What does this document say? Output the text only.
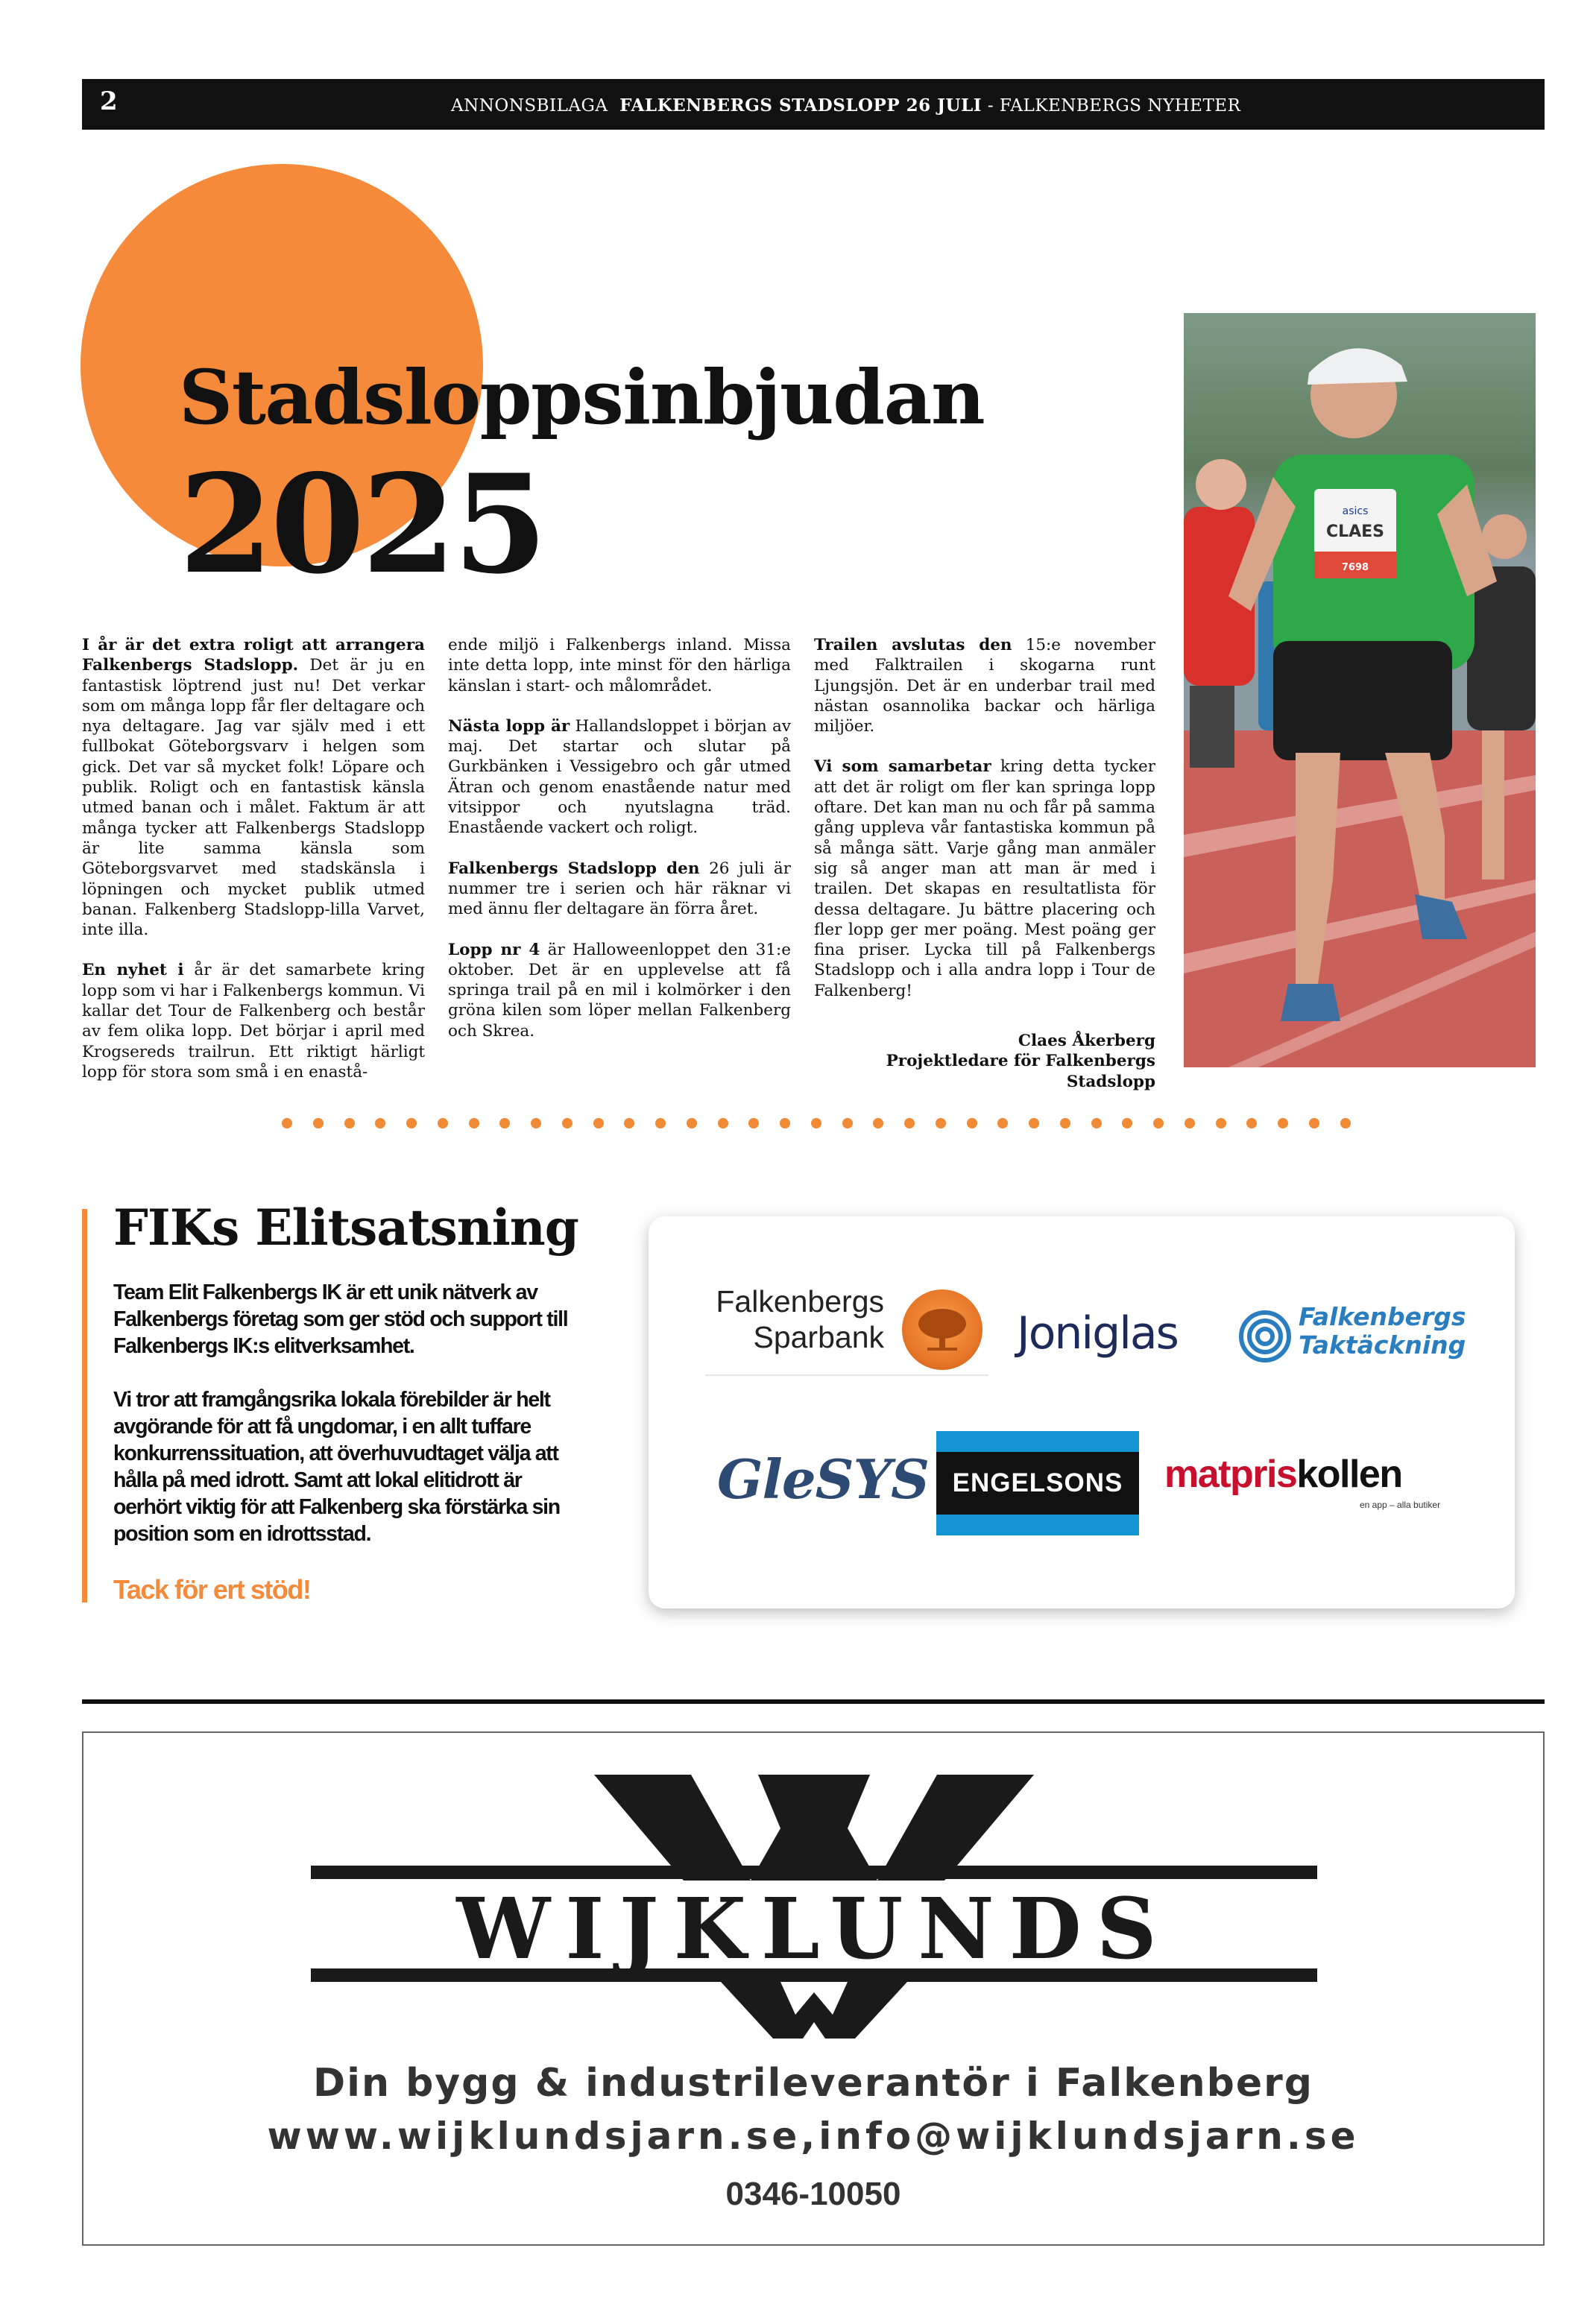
2	ANNONSBILAGA FALKENBERGS STADSLOPP 26 JULI - FALKENBERGS NYHETER
Stadsloppsinbjudan
2025

I år är det extra roligt att arrangera Falkenbergs Stadslopp. Det är ju en fantastisk löptrend just nu! Det verkar som om många lopp får fler deltagare och nya deltagare. Jag var själv med i ett fullbokat Göteborgsvarv i helgen som gick. Det var så mycket folk! Löpare och publik. Roligt och en fantastisk känsla utmed banan och i målet. Faktum är att många tycker att Falkenbergs Stadslopp är lite samma känsla som Göteborgsvarvet med stadskänsla i löpningen och mycket publik utmed banan. Falkenberg Stadslopp-lilla Varvet, inte illa.

En nyhet i år är det samarbete kring lopp som vi har i Falkenbergs kommun. Vi kallar det Tour de Falkenberg och består av fem olika lopp. Det börjar i april med Krogsereds trailrun. Ett riktigt härligt lopp för stora som små i en enastå-

ende miljö i Falkenbergs inland. Missa inte detta lopp, inte minst för den härliga känslan i start- och målområdet.

Nästa lopp är Hallandsloppet i början av maj. Det startar och slutar på Gurkbänken i Vessigebro och går utmed Ätran och genom enastående natur med vitsippor och nyutslagna träd. Enastående vackert och roligt.

Falkenbergs Stadslopp den 26 juli är nummer tre i serien och här räknar vi med ännu fler deltagare än förra året.

Lopp nr 4 är Halloweenloppet den 31:e oktober. Det är en upplevelse att få springa trail på en mil i kolmörker i den gröna kilen som löper mellan Falkenberg och Skrea.

Trailen avslutas den 15:e november med Falktrailen i skogarna runt Ljungsjön. Det är en underbar trail med nästan osannolika backar och härliga miljöer.

Vi som samarbetar kring detta tycker att det är roligt om fler kan springa lopp oftare. Det kan man nu och får på samma gång uppleva vår fantastiska kommun på så många sätt. Varje gång man anmäler sig så anger man att man är med i trailen. Det skapas en resultatlista för dessa deltagare. Ju bättre placering och fler lopp ger mer poäng. Mest poäng ger fina priser. Lycka till på Falkenbergs Stadslopp och i alla andra lopp i Tour de Falkenberg!

Claes Åkerberg
Projektledare för Falkenbergs Stadslopp
asics
CLAES
7698
FIKs Elitsatsning

Team Elit Falkenbergs IK är ett unik nätverk av Falkenbergs företag som ger stöd och support till Falkenbergs IK:s elitverksamhet.

Vi tror att framgångsrika lokala förebilder är helt avgörande för att få ungdomar, i en allt tuffare konkurrenssituation, att överhuvudtaget välja att hålla på med idrott. Samt att lokal elitidrott är oerhört viktig för att Falkenberg ska förstärka sin position som en idrottsstad.

Tack för ert stöd!
Falkenbergs
Sparbank	Joniglas	Falkenbergs
Taktäckning
GleSYS ENGELSONS	matpriskollen
en app – alla butiker
WIJKLUNDS
Din bygg & industrileverantör i Falkenberg
www.wijklundsjarn.se,info@wijklundsjarn.se
0346-10050
